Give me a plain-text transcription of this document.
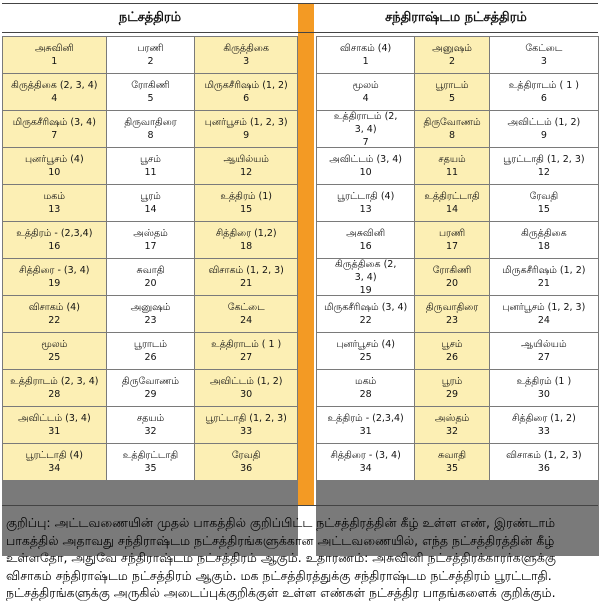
நட்சத்திரம்	சந்திராஷ்டம நட்சத்திரம்
அசுவினி
1
பரணி
2
கிருத்திகை
3
கிருத்திகை (2, 3, 4)
4
ரோகிணி
5
மிருகசீரிஷம் (1, 2)
6
மிருகசீரிஷம் (3, 4)
7
திருவாதிரை
8
புனர்பூசம் (1, 2, 3)
9
புனர்பூசம் (4)
10
பூசம்
11
ஆயில்யம்
12
மகம்
13
பூரம்
14
உத்திரம் (1)
15
உத்திரம் - (2,3,4)
16
அஸ்தம்
17
சித்திரை (1,2)
18
சித்திரை - (3, 4)
19
சுவாதி
20
விசாகம் (1, 2, 3)
21
விசாகம் (4)
22
அனுஷம்
23
கேட்டை
24
மூலம்
25
பூராடம்
26
உத்திராடம் ( 1 )
27
உத்திராடம் (2, 3, 4)
28
திருவோணம்
29
அவிட்டம் (1, 2)
30
அவிட்டம் (3, 4)
31
சதயம்
32
பூரட்டாதி (1, 2, 3)
33
பூரட்டாதி (4)
34
உத்திரட்டாதி
35
ரேவதி
36
விசாகம் (4)
1
அனுஷம்
2
கேட்டை
3
மூலம்
4
பூராடம்
5
உத்திராடம் ( 1 )
6
உத்திராடம் (2,
3, 4)
7
திருவோணம்
8
அவிட்டம் (1, 2)
9
அவிட்டம் (3, 4)
10
சதயம்
11
பூரட்டாதி (1, 2, 3)
12
பூரட்டாதி (4)
13
உத்திரட்டாதி
14
ரேவதி
15
அசுவினி
16
பரணி
17
கிருத்திகை
18
கிருத்திகை (2,
3, 4)
19
ரோகிணி
20
மிருகசீரிஷம் (1, 2)
21
மிருகசீரிஷம் (3, 4)
22
திருவாதிரை
23
புனர்பூசம் (1, 2, 3)
24
புனர்பூசம் (4)
25
பூசம்
26
ஆயில்யம்
27
மகம்
28
பூரம்
29
உத்திரம் (1 )
30
உத்திரம் - (2,3,4)
31
அஸ்தம்
32
சித்திரை (1, 2)
33
சித்திரை - (3, 4)
34
சுவாதி
35
விசாகம் (1, 2, 3)
36

குறிப்பு: அட்டவணையின் முதல் பாகத்தில் குறிப்பிட்ட நட்சத்திரத்தின் கீழ் உள்ள எண், இரண்டாம் பாகத்தில் அதாவது சந்திராஷ்டம நட்சத்திரங்களுக்கான அட்டவணையில், எந்த நட்சத்திரத்தின் கீழ் உள்ளதோ, அதுவே சந்திராஷ்டம நட்சத்திரம் ஆகும். உதாரணம்: அசுவினி நட்சத்திரக்காரர்களுக்கு விசாகம் சந்திராஷ்டம நட்சத்திரம் ஆகும். மக நட்சத்திரத்துக்கு சந்திராஷ்டம நட்சத்திரம் பூரட்டாதி. நட்சத்திரங்களுக்கு அருகில் அடைப்புக்குறிக்குள் உள்ள எண்கள் நட்சத்திர பாதங்களைக் குறிக்கும்.
